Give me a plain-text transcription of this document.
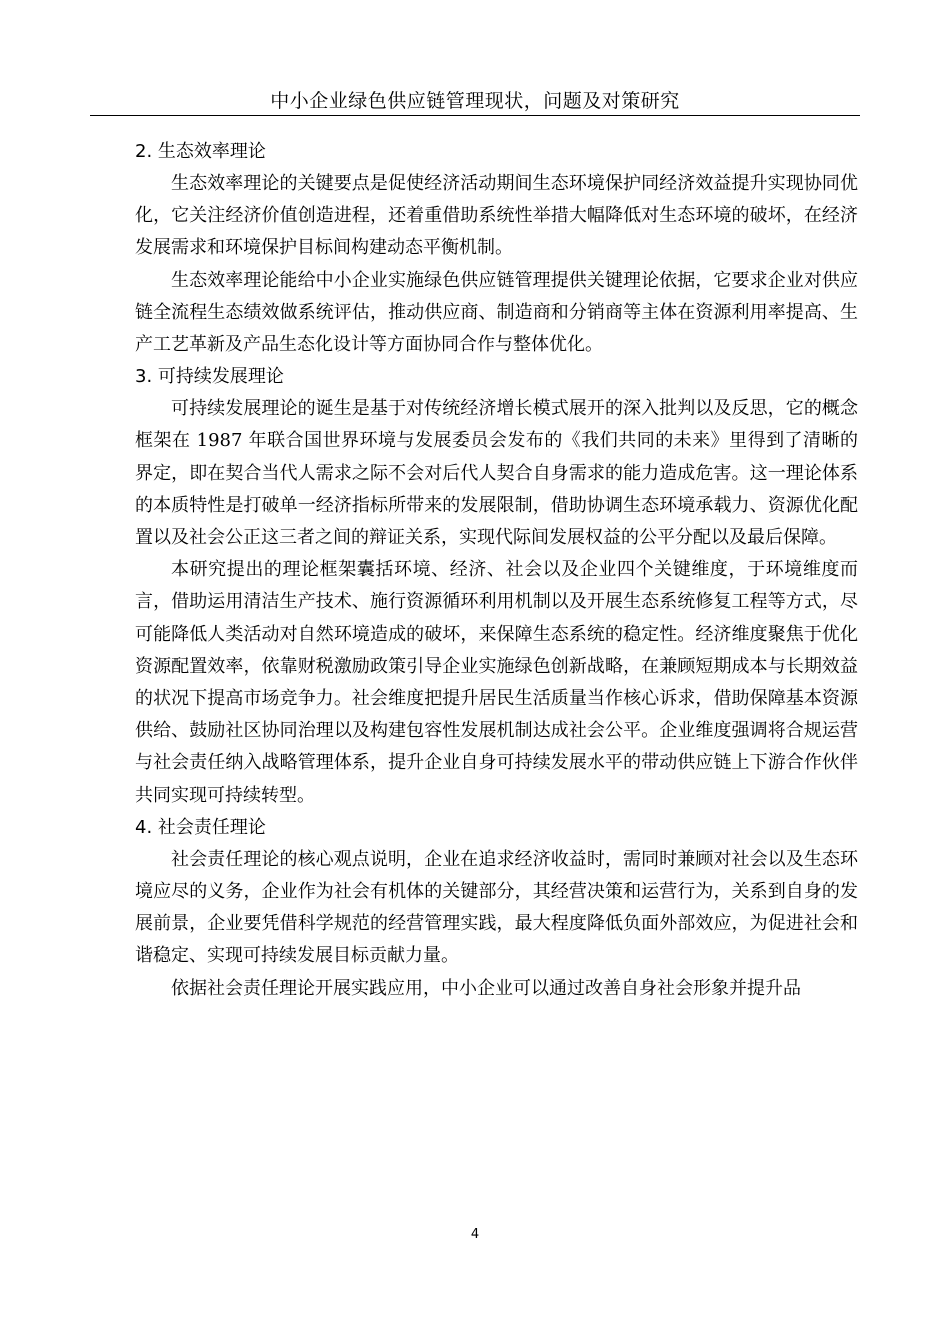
中小企业绿色供应链管理现状，问题及对策研究
2. 生态效率理论

生态效率理论的关键要点是促使经济活动期间生态环境保护同经济效益提升实现协同优化，它关注经济价值创造进程，还着重借助系统性举措大幅降低对生态环境的破坏，在经济发展需求和环境保护目标间构建动态平衡机制。

生态效率理论能给中小企业实施绿色供应链管理提供关键理论依据，它要求企业对供应链全流程生态绩效做系统评估，推动供应商、制造商和分销商等主体在资源利用率提高、生产工艺革新及产品生态化设计等方面协同合作与整体优化。

3. 可持续发展理论

可持续发展理论的诞生是基于对传统经济增长模式展开的深入批判以及反思，它的概念框架在 1987 年联合国世界环境与发展委员会发布的《我们共同的未来》里得到了清晰的界定，即在契合当代人需求之际不会对后代人契合自身需求的能力造成危害。这一理论体系的本质特性是打破单一经济指标所带来的发展限制，借助协调生态环境承载力、资源优化配置以及社会公正这三者之间的辩证关系，实现代际间发展权益的公平分配以及最后保障。

本研究提出的理论框架囊括环境、经济、社会以及企业四个关键维度，于环境维度而言，借助运用清洁生产技术、施行资源循环利用机制以及开展生态系统修复工程等方式，尽可能降低人类活动对自然环境造成的破坏，来保障生态系统的稳定性。经济维度聚焦于优化资源配置效率，依靠财税激励政策引导企业实施绿色创新战略，在兼顾短期成本与长期效益的状况下提高市场竞争力。社会维度把提升居民生活质量当作核心诉求，借助保障基本资源供给、鼓励社区协同治理以及构建包容性发展机制达成社会公平。企业维度强调将合规运营与社会责任纳入战略管理体系，提升企业自身可持续发展水平的带动供应链上下游合作伙伴共同实现可持续转型。

4. 社会责任理论

社会责任理论的核心观点说明，企业在追求经济收益时，需同时兼顾对社会以及生态环境应尽的义务，企业作为社会有机体的关键部分，其经营决策和运营行为，关系到自身的发展前景，企业要凭借科学规范的经营管理实践，最大程度降低负面外部效应，为促进社会和谐稳定、实现可持续发展目标贡献力量。

依据社会责任理论开展实践应用，中小企业可以通过改善自身社会形象并提升品

4
